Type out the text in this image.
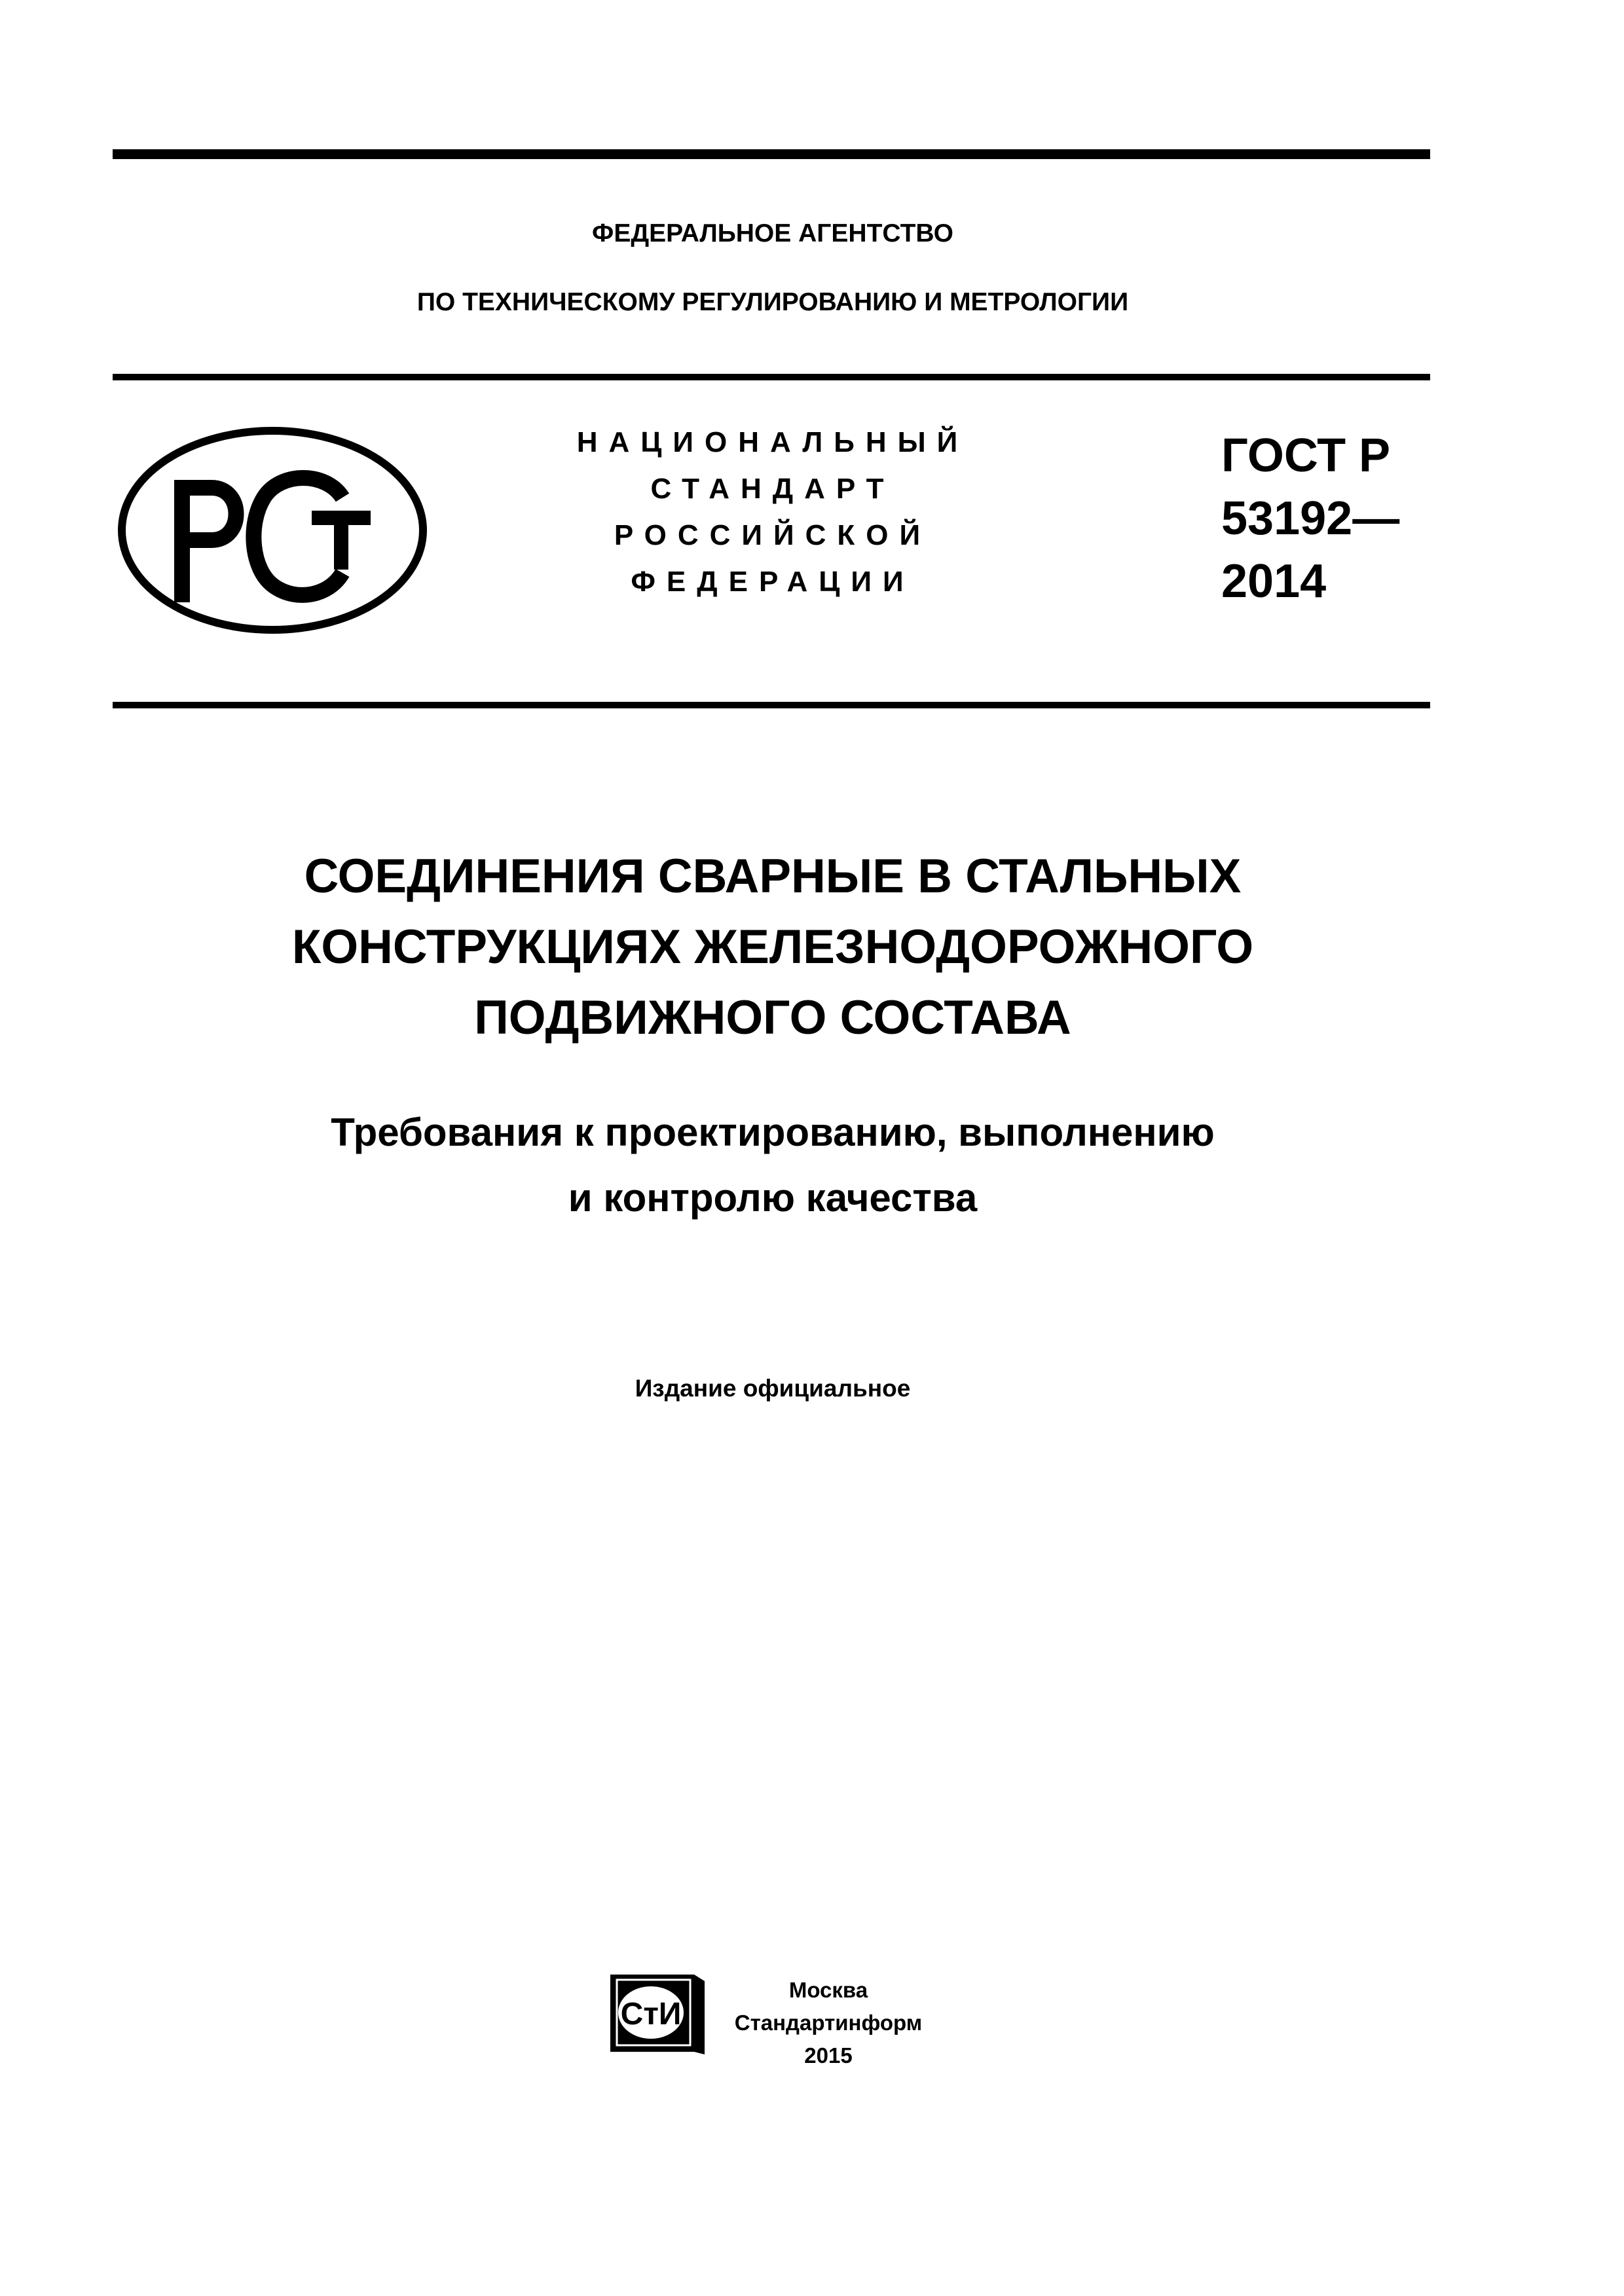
ФЕДЕРАЛЬНОЕ АГЕНТСТВО
ПО ТЕХНИЧЕСКОМУ РЕГУЛИРОВАНИЮ И МЕТРОЛОГИИ
НАЦИОНАЛЬНЫЙ
СТАНДАРТ
РОССИЙСКОЙ
ФЕДЕРАЦИИ
ГОСТ Р
53192—
2014
СОЕДИНЕНИЯ СВАРНЫЕ В СТАЛЬНЫХ
КОНСТРУКЦИЯХ ЖЕЛЕЗНОДОРОЖНОГО
ПОДВИЖНОГО СОСТАВА
Требования к проектированию, выполнению
и контролю качества
Издание официальное
СтИ
Москва
Стандартинформ
2015
